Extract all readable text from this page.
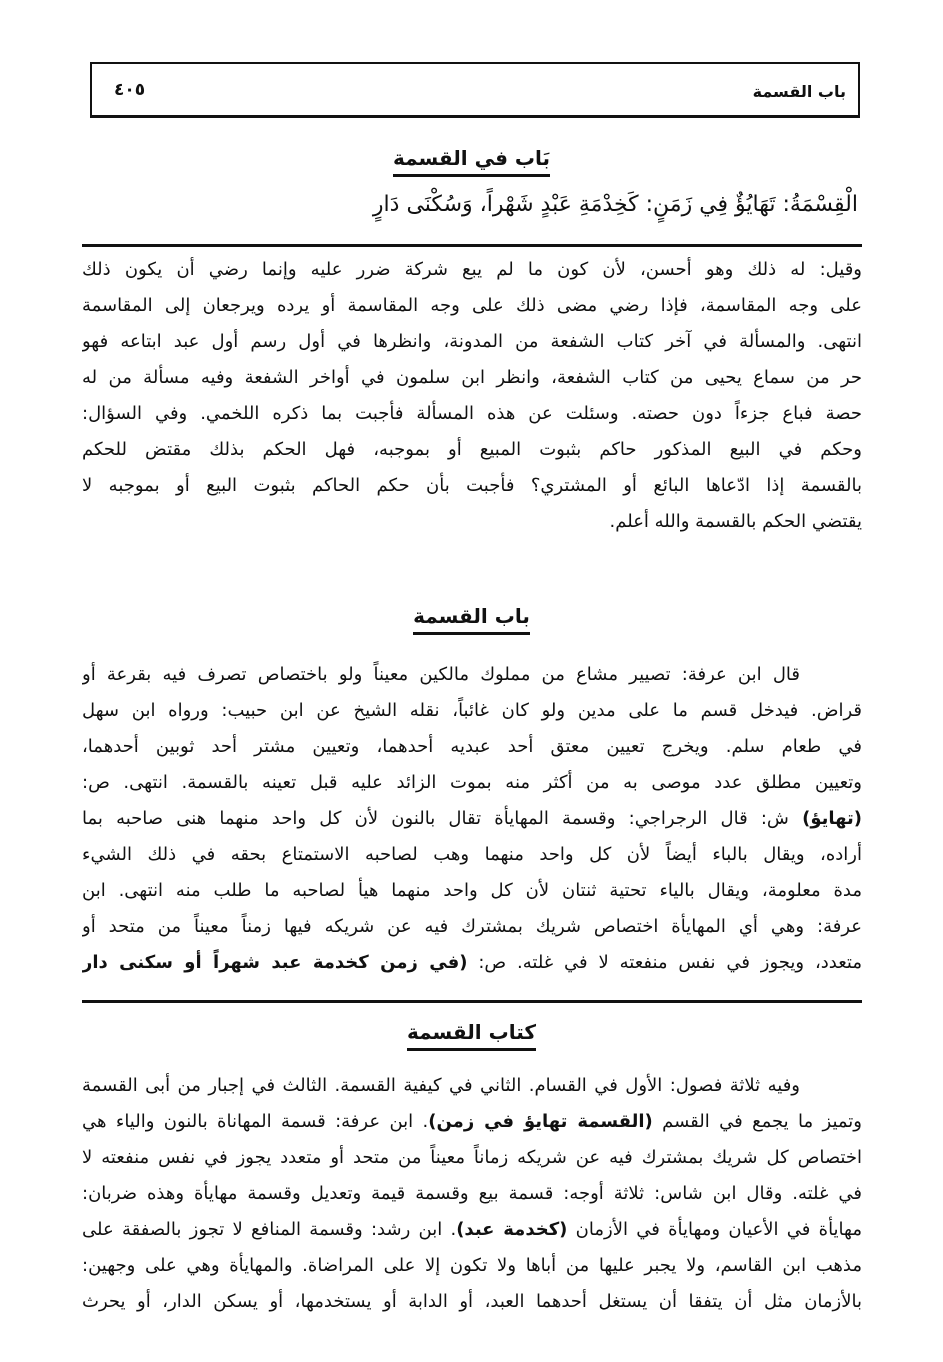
باب القسمة
٤٠٥
بَاب في القسمة
الْقِسْمَةُ: تَهَايُؤٌ فِي زَمَنٍ: كَخِدْمَةِ عَبْدٍ شَهْراً، وَسُكْنَى دَارٍ
وقيل: له ذلك وهو أحسن، لأن كون ما لم يبع شركة ضرر عليه وإنما رضي أن يكون ذلك
على وجه المقاسمة، فإذا رضي مضى ذلك على وجه المقاسمة أو يرده ويرجعان إلى المقاسمة
انتهى. والمسألة في آخر كتاب الشفعة من المدونة، وانظرها في أول رسم أول عبد ابتاعه فهو
حر من سماع يحيى من كتاب الشفعة، وانظر ابن سلمون في أواخر الشفعة وفيه مسألة من له
حصة فباع جزءاً دون حصته. وسئلت عن هذه المسألة فأجبت بما ذكره اللخمي. وفي السؤال:
وحكم في البيع المذكور حاكم بثبوت المبيع أو بموجبه، فهل الحكم بذلك مقتض للحكم
بالقسمة إذا ادّعاها البائع أو المشتري؟ فأجبت بأن حكم الحاكم بثبوت البيع أو بموجبه لا
يقتضي الحكم بالقسمة والله أعلم.
باب القسمة
قال ابن عرفة: تصيير مشاع من مملوك مالكين معيناً ولو باختصاص تصرف فيه بقرعة أو
قراض. فيدخل قسم ما على مدين ولو كان غائباً، نقله الشيخ عن ابن حبيب: ورواه ابن سهل
في طعام سلم. ويخرج تعيين معتق أحد عبديه أحدهما، وتعيين مشتر أحد ثوبين أحدهما،
وتعيين مطلق عدد موصى به من أكثر منه بموت الزائد عليه قبل تعينه بالقسمة. انتهى. ص:
(تهايؤ) ش: قال الرجراجي: وقسمة المهايأة تقال بالنون لأن كل واحد منهما هنى صاحبه بما
أراده، ويقال بالباء أيضاً لأن كل واحد منهما وهب لصاحبه الاستمتاع بحقه في ذلك الشيء
مدة معلومة، ويقال بالياء تحتية ثنتان لأن كل واحد منهما هيأ لصاحبه ما طلب منه انتهى. ابن
عرفة: وهي أي المهايأة اختصاص شريك بمشترك فيه عن شريكه فيها زمناً معيناً من متحد أو
متعدد، ويجوز في نفس منفعته لا في غلته. ص: (في زمن كخدمة عبد شهراً أو سكنى دار
كتاب القسمة
وفيه ثلاثة فصول: الأول في القسام. الثاني في كيفية القسمة. الثالث في إجبار من أبى القسمة
وتميز ما يجمع في القسم (القسمة تهايؤ في زمن). ابن عرفة: قسمة المهاناة بالنون والياء هي
اختصاص كل شريك بمشترك فيه عن شريكه زماناً معيناً من متحد أو متعدد يجوز في نفس منفعته لا
في غلته. وقال ابن شاس: ثلاثة أوجه: قسمة بيع وقسمة قيمة وتعديل وقسمة مهايأة وهذه ضربان:
مهايأة في الأعيان ومهايأة في الأزمان (كخدمة عبد). ابن رشد: وقسمة المنافع لا تجوز بالصفقة على
مذهب ابن القاسم، ولا يجبر عليها من أباها ولا تكون إلا على المراضاة. والمهايأة وهي على وجهين:
بالأزمان مثل أن يتفقا أن يستغل أحدهما العبد، أو الدابة أو يستخدمها، أو يسكن الدار، أو يحرث
